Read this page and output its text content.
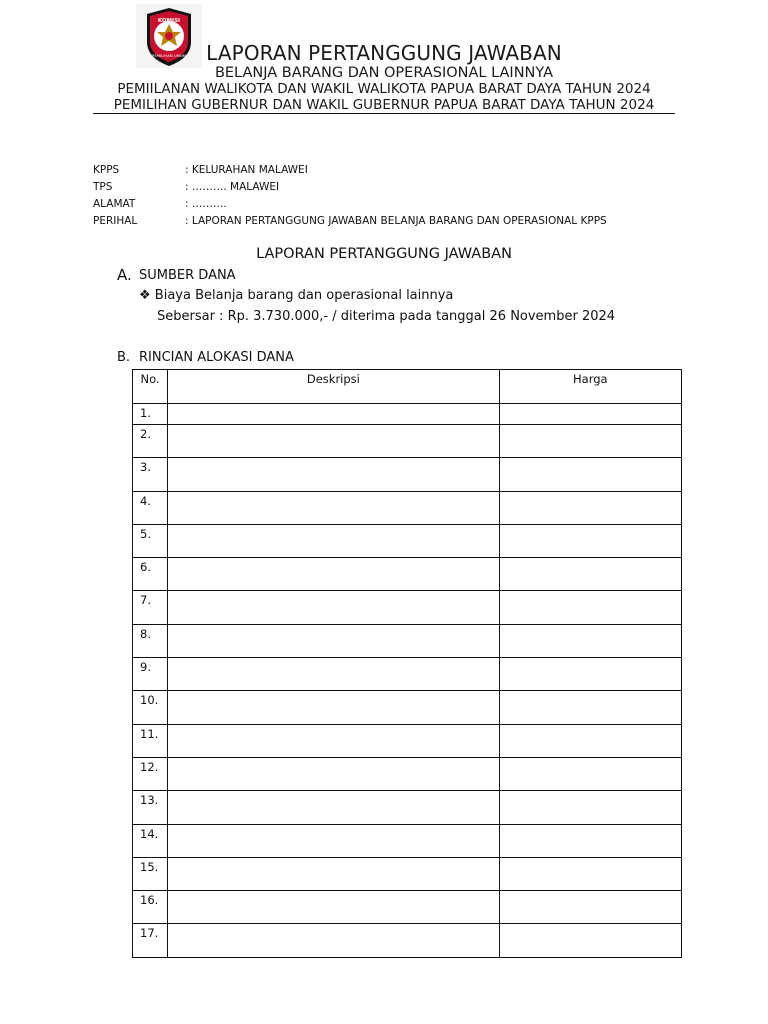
KOMISI
PEMILIHAN UMUM	LAPORAN PERTANGGUNG JAWABAN
BELANJA BARANG DAN OPERASIONAL LAINNYA
PEMIILANAN WALIKOTA DAN WAKIL WALIKOTA PAPUA BARAT DAYA TAHUN 2024
PEMILIHAN GUBERNUR DAN WAKIL GUBERNUR PAPUA BARAT DAYA TAHUN 2024
KPPS	: KELURAHAN MALAWEI
TPS	: ………. MALAWEI
ALAMAT	: ……….
PERIHAL	: LAPORAN PERTANGGUNG JAWABAN BELANJA BARANG DAN OPERASIONAL KPPS
LAPORAN PERTANGGUNG JAWABAN
A. SUMBER DANA
❖ Biaya Belanja barang dan operasional lainnya
Sebersar : Rp. 3.730.000,- / diterima pada tanggal 26 November 2024
B. RINCIAN ALOKASI DANA
No.	Deskripsi	Harga

1.		
2.		
3.		
4.		
5.		
6.		
7.		
8.		
9.		
10.		
11.		
12.		
13.		
14.		
15.		
16.		
17.		
